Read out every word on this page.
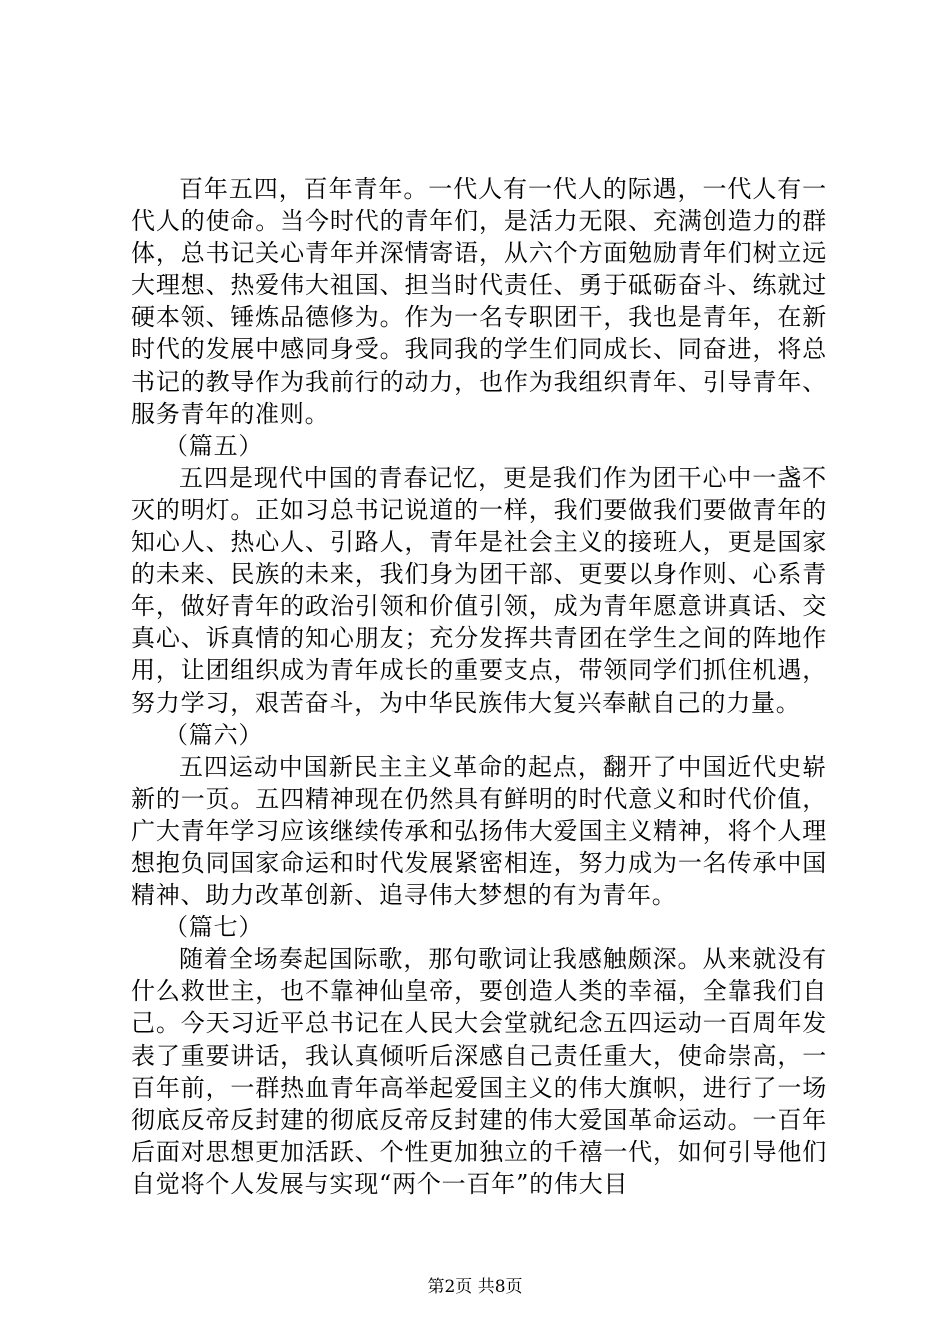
百年五四，百年青年。一代人有一代人的际遇，一代人有一代人的使命。当今时代的青年们，是活力无限、充满创造力的群体，总书记关心青年并深情寄语，从六个方面勉励青年们树立远大理想、热爱伟大祖国、担当时代责任、勇于砥砺奋斗、练就过硬本领、锤炼品德修为。作为一名专职团干，我也是青年，在新时代的发展中感同身受。我同我的学生们同成长、同奋进，将总书记的教导作为我前行的动力，也作为我组织青年、引导青年、服务青年的准则。

（篇五）

五四是现代中国的青春记忆，更是我们作为团干心中一盏不灭的明灯。正如习总书记说道的一样，我们要做我们要做青年的知心人、热心人、引路人，青年是社会主义的接班人，更是国家的未来、民族的未来，我们身为团干部、更要以身作则、心系青年，做好青年的政治引领和价值引领，成为青年愿意讲真话、交真心、诉真情的知心朋友；充分发挥共青团在学生之间的阵地作用，让团组织成为青年成长的重要支点，带领同学们抓住机遇，努力学习，艰苦奋斗，为中华民族伟大复兴奉献自己的力量。

（篇六）

五四运动中国新民主主义革命的起点，翻开了中国近代史崭新的一页。五四精神现在仍然具有鲜明的时代意义和时代价值，广大青年学习应该继续传承和弘扬伟大爱国主义精神，将个人理想抱负同国家命运和时代发展紧密相连，努力成为一名传承中国精神、助力改革创新、追寻伟大梦想的有为青年。

（篇七）

随着全场奏起国际歌，那句歌词让我感触颇深。从来就没有什么救世主，也不靠神仙皇帝，要创造人类的幸福，全靠我们自己。今天习近平总书记在人民大会堂就纪念五四运动一百周年发表了重要讲话，我认真倾听后深感自己责任重大，使命崇高，一百年前，一群热血青年高举起爱国主义的伟大旗帜，进行了一场彻底反帝反封建的彻底反帝反封建的伟大爱国革命运动。一百年后面对思想更加活跃、个性更加独立的千禧一代，如何引导他们自觉将个人发展与实现“两个一百年”的伟大目

第2页 共8页
